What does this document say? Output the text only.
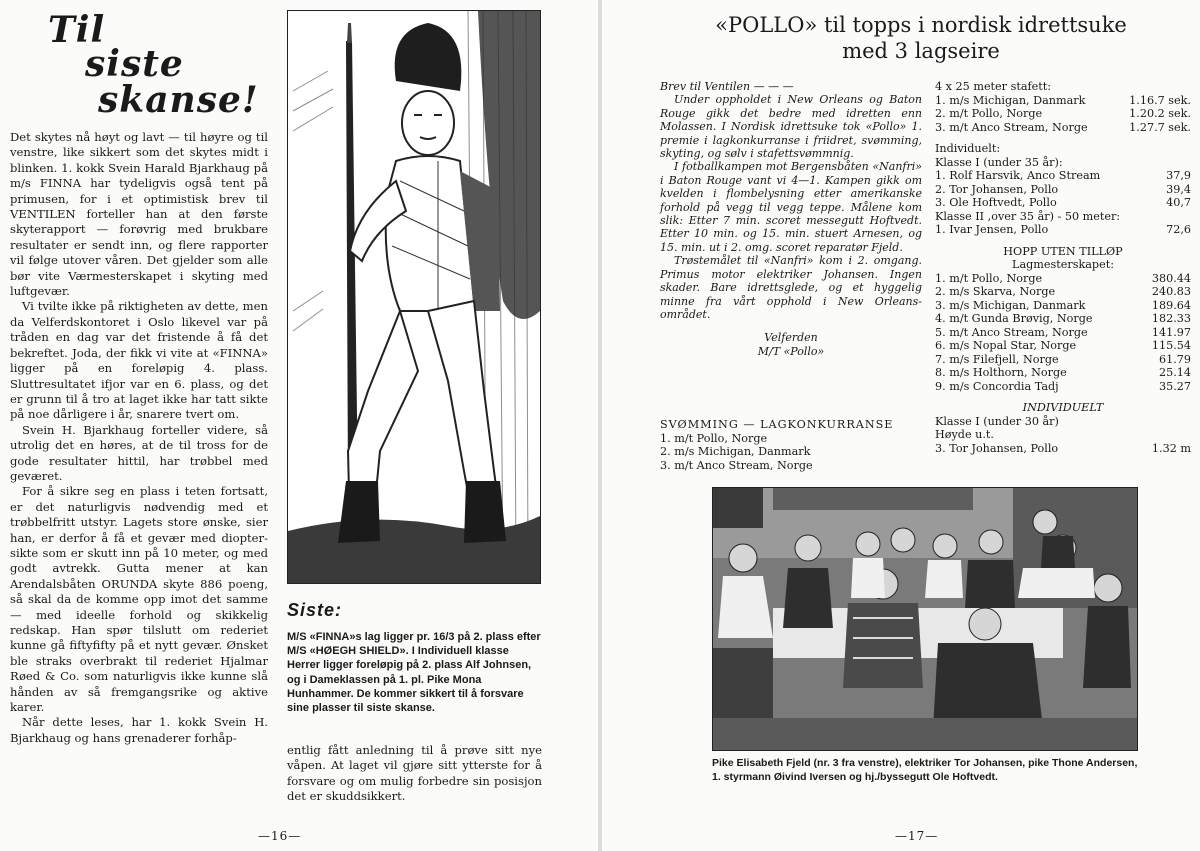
Til
siste
skanse!

Det skytes nå høyt og lavt — til høyre og til venstre, like sikkert som det skytes midt i blinken. 1. kokk Svein Harald Bjarkhaug på m/s FINNA har tydeligvis også tent på primusen, for i et optimistisk brev til VENTILEN forteller han at den første skyterapport — forøvrig med brukbare resultater er sendt inn, og flere rapporter vil følge utover våren. Det gjelder som alle bør vite Værmesterskapet i skyting med luftgevær.

Vi tvilte ikke på riktigheten av dette, men da Velferdskontoret i Oslo likevel var på tråden en dag var det fristende å få det bekreftet. Joda, der fikk vi vite at «FINNA» ligger på en foreløpig 4. plass. Sluttresultatet ifjor var en 6. plass, og det er grunn til å tro at laget ikke har tatt sikte på noe dårligere i år, snarere tvert om.

Svein H. Bjarkhaug forteller videre, så utrolig det en høres, at de til tross for de gode resultater hittil, har trøbbel med geværet.

For å sikre seg en plass i teten fortsatt, er det naturligvis nødvendig med et trøbbelfritt utstyr. Lagets store ønske, sier han, er derfor å få et gevær med dioptersikte som er skutt inn på 10 meter, og med godt avtrekk. Gutta mener at kan Arendalsbåten ORUNDA skyte 886 poeng, så skal da de komme opp imot det samme — med ideelle forhold og skikkelig redskap. Han spør tilslutt om rederiet kunne gå fiftyfifty på et nytt gevær. Ønsket ble straks overbrakt til rederiet Hjalmar Røed & Co. som naturligvis ikke kunne slå hånden av så fremgangsrike og aktive karer.

Når dette leses, har 1. kokk Svein H. Bjarkhaug og hans grenaderer forhåp-

Siste:

M/S «FINNA»s lag ligger pr. 16/3 på 2. plass efter M/S «HØEGH SHIELD». I Individuell klasse Herrer ligger foreløpig på 2. plass Alf Johnsen,

og i Dameklassen på 1. pl. Pike Mona Hunhammer. De kommer sikkert til å forsvare sine plasser til siste skanse.

entlig fått anledning til å prøve sitt nye våpen. At laget vil gjøre sitt ytterste for å forsvare og om mulig forbedre sin posisjon det er skuddsikkert.

—16—
«POLLO» til topps i nordisk idrettsuke
med 3 lagseire

Brev til Ventilen — — —

Under oppholdet i New Orleans og Baton Rouge gikk det bedre med idretten enn Molassen. I Nordisk idrettsuke tok «Pollo» 1. premie i lagkonkurranse i friidret, svømming, skyting, og sølv i stafettsvømmnig.

I fotballkampen mot Bergensbåten «Nanfri» i Baton Rouge vant vi 4—1. Kampen gikk om kvelden i flombelysning etter amerikanske forhold på vegg til vegg teppe. Målene kom slik: Etter 7 min. scoret messegutt Hoftvedt. Etter 10 min. og 15. min. stuert Arnesen, og 15. min. ut i 2. omg. scoret reparatør Fjeld.

Trøstemålet til «Nanfri» kom i 2. omgang. Primus motor elektriker Johansen. Ingen skader. Bare idrettsglede, og et hyggelig minne fra vårt opphold i New Orleans-området.

Velferden
M/T «Pollo»

SVØMMING — LAGKONKURRANSE
1. m/t Pollo, Norge
2. m/s Michigan, Danmark
3. m/t Anco Stream, Norge
4 x 25 meter stafett:
1. m/s Michigan, Danmark	1.16.7 sek.
2. m/t Pollo, Norge	1.20.2 sek.
3. m/t Anco Stream, Norge	1.27.7 sek.
Individuelt:
Klasse I (under 35 år):
1. Rolf Harsvik, Anco Stream	37,9
2. Tor Johansen, Pollo	39,4
3. Ole Hoftvedt, Pollo	40,7
Klasse II ,over 35 år) - 50 meter:
1. Ivar Jensen, Pollo	72,6
HOPP UTEN TILLØP
Lagmesterskapet:
1. m/t Pollo, Norge	380.44
2. m/s Skarva, Norge	240.83
3. m/s Michigan, Danmark	189.64
4. m/t Gunda Brøvig, Norge	182.33
5. m/t Anco Stream, Norge	141.97
6. m/s Nopal Star, Norge	115.54
7. m/s Filefjell, Norge	61.79
8. m/s Holthorn, Norge	25.14
9. m/s Concordia Tadj	35.27
INDIVIDUELT
Klasse I (under 30 år)
Høyde u.t.
3. Tor Johansen, Pollo	1.32 m
Pike Elisabeth Fjeld (nr. 3 fra venstre), elektriker Tor Johansen, pike Thone Andersen, 1. styrmann Øivind Iversen og hj./byssegutt Ole Hoftvedt.
—17—
